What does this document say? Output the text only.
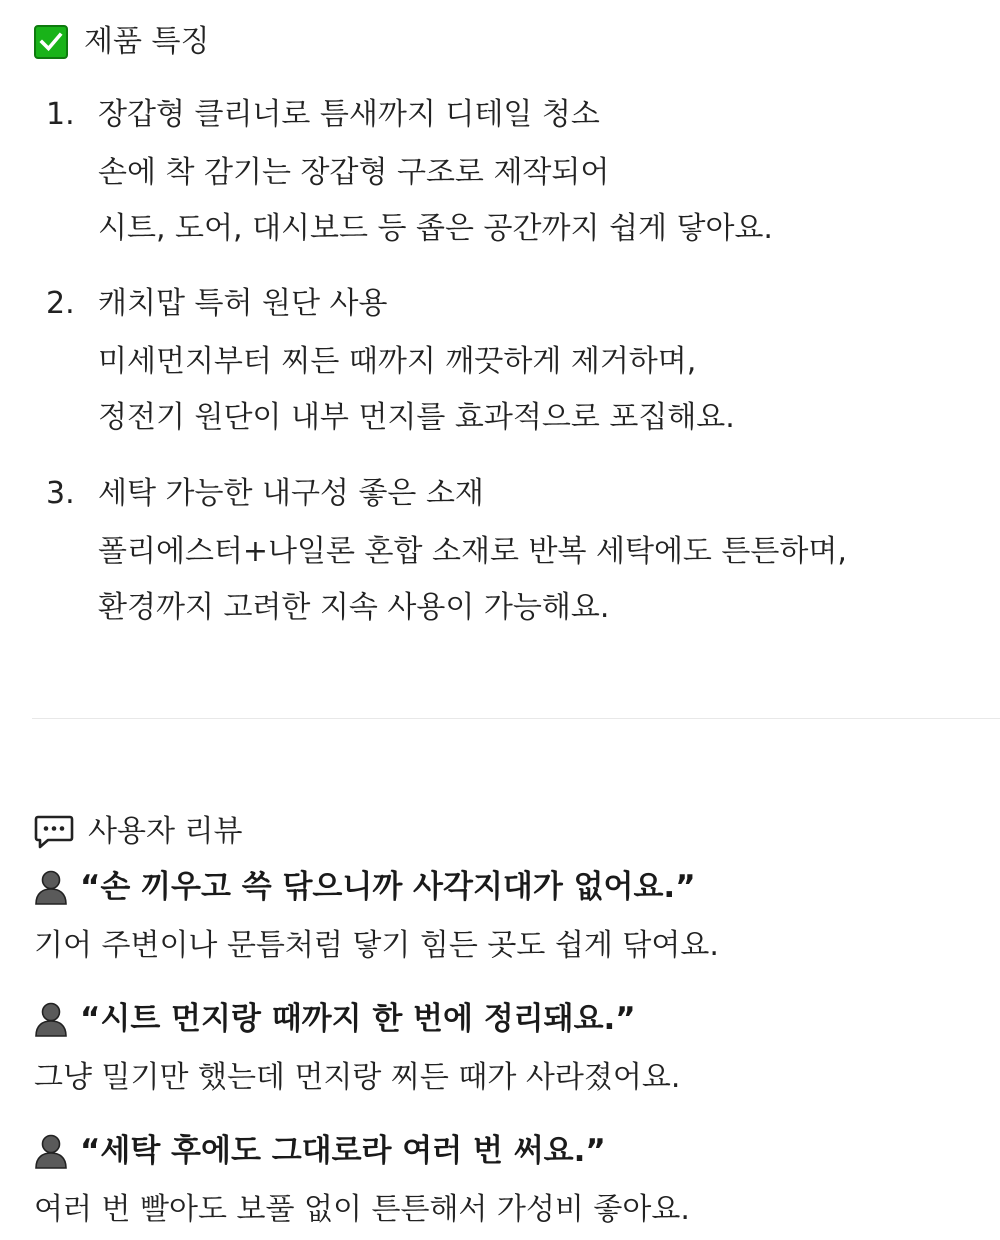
제품 특징
1. 장갑형 클리너로 틈새까지 디테일 청소
손에 착 감기는 장갑형 구조로 제작되어
시트, 도어, 대시보드 등 좁은 공간까지 쉽게 닿아요.
2. 캐치맙 특허 원단 사용
미세먼지부터 찌든 때까지 깨끗하게 제거하며,
정전기 원단이 내부 먼지를 효과적으로 포집해요.
3. 세탁 가능한 내구성 좋은 소재
폴리에스터+나일론 혼합 소재로 반복 세탁에도 튼튼하며,
환경까지 고려한 지속 사용이 가능해요.
사용자 리뷰
“손 끼우고 쓱 닦으니까 사각지대가 없어요.”
기어 주변이나 문틈처럼 닿기 힘든 곳도 쉽게 닦여요.
“시트 먼지랑 때까지 한 번에 정리돼요.”
그냥 밀기만 했는데 먼지랑 찌든 때가 사라졌어요.
“세탁 후에도 그대로라 여러 번 써요.”
여러 번 빨아도 보풀 없이 튼튼해서 가성비 좋아요.
